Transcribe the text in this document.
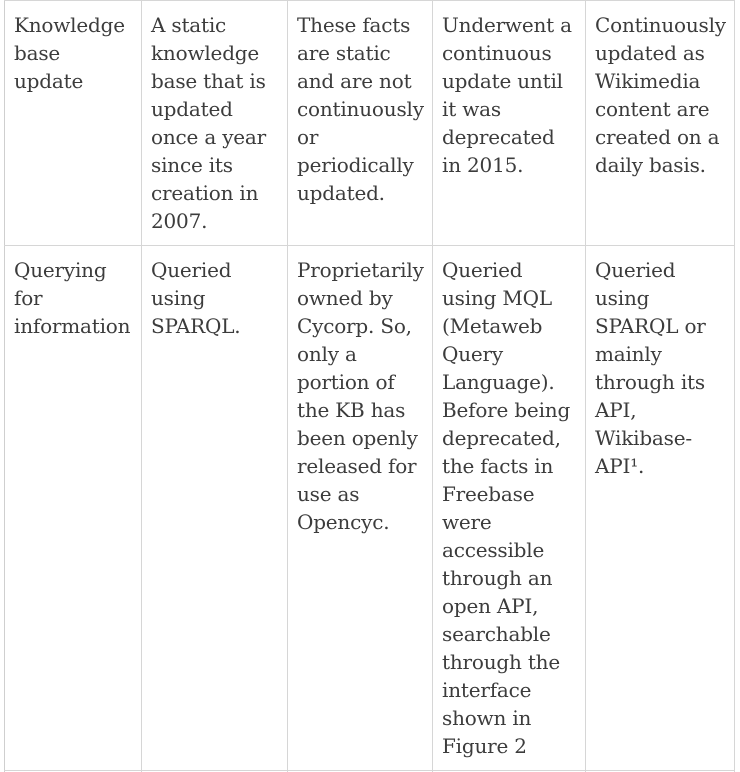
Knowledge base update	A static knowledge base that is updated once a year since its creation in 2007.	These facts are static and are not continuously or periodically updated.	Underwent a continuous update until it was deprecated in 2015.	Continuously updated as Wikimedia content are created on a daily basis.
Querying for information	Queried using SPARQL.	Proprietarily owned by Cycorp. So, only a portion of the KB has been openly released for use as Opencyc.	Queried using MQL (Metaweb Query Language). Before being deprecated, the facts in Freebase were accessible through an open API, searchable through the interface shown in Figure 2	Queried using SPARQL or mainly through its API, Wikibase-API¹.
